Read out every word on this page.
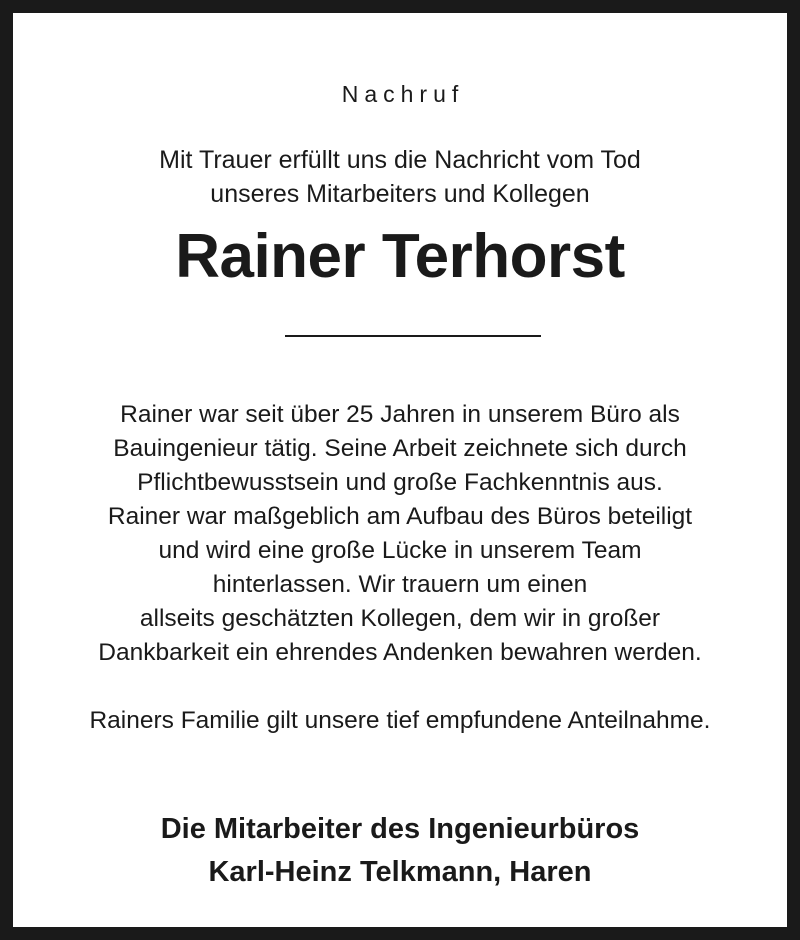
Nachruf
Mit Trauer erfüllt uns die Nachricht vom Tod
unseres Mitarbeiters und Kollegen
Rainer Terhorst
Rainer war seit über 25 Jahren in unserem Büro als
Bauingenieur tätig. Seine Arbeit zeichnete sich durch
Pflichtbewusstsein und große Fachkenntnis aus.
Rainer war maßgeblich am Aufbau des Büros beteiligt
und wird eine große Lücke in unserem Team
hinterlassen. Wir trauern um einen
allseits geschätzten Kollegen, dem wir in großer
Dankbarkeit ein ehrendes Andenken bewahren werden.
Rainers Familie gilt unsere tief empfundene Anteilnahme.
Die Mitarbeiter des Ingenieurbüros
Karl-Heinz Telkmann, Haren
